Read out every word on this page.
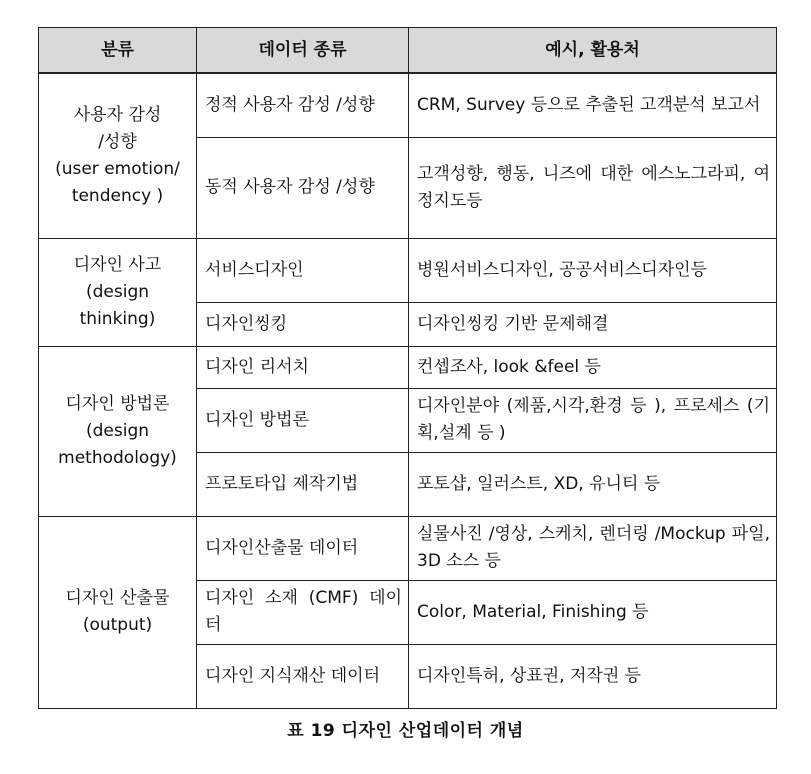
분류	데이터 종류	예시, 활용처

사용자 감성
/성향
(user emotion/
tendency )	정적 사용자 감성 /성향	CRM, Survey 등으로 추출된 고객분석 보고서
	동적 사용자 감성 /성향	고객성향, 행동, 니즈에 대한 에스노그라피, 여정지도등

디자인 사고
(design
thinking)	서비스디자인	병원서비스디자인, 공공서비스디자인등
	디자인씽킹	디자인씽킹 기반 문제해결

디자인 방법론
(design
methodology)	디자인 리서치	컨셉조사, look &feel 등
	디자인 방법론	디자인분야 (제품,시각,환경 등 ), 프로세스 (기획,설계 등 )
	프로토타입 제작기법	포토샵, 일러스트, XD, 유니티 등

디자인 산출물
(output)	디자인산출물 데이터	실물사진 /영상, 스케치, 렌더링 /Mockup 파일, 3D 소스 등
	디자인 소재 (CMF) 데이터	Color, Material, Finishing 등
	디자인 지식재산 데이터	디자인특허, 상표권, 저작권 등
표 19 디자인 산업데이터 개념
